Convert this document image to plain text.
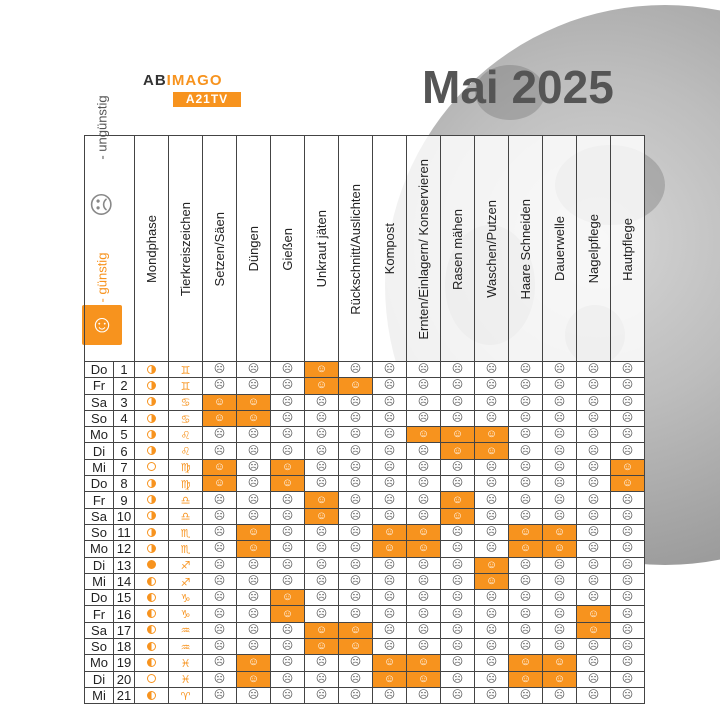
ABIMAGO
A21TV	Mai 2025
- ungünstig
☹
- günstig
☺
		Mondphase	Tierkreiszeichen	Setzen/Säen	Düngen	Gießen	Unkraut jäten	Rückschnitt/Auslichten	Kompost	Ernten/Einlagern/ Konservieren	Rasen mähen	Waschen/Putzen	Haare Schneiden	Dauerwelle	Nagelpflege	Hautpflege
Do	1		♊	☹	☹	☹	☺	☹	☹	☹	☹	☹	☹	☹	☹	☹
Fr	2		♊	☹	☹	☹	☺	☺	☹	☹	☹	☹	☹	☹	☹	☹
Sa	3		♋	☺	☺	☹	☹	☹	☹	☹	☹	☹	☹	☹	☹	☹
So	4		♋	☺	☺	☹	☹	☹	☹	☹	☹	☹	☹	☹	☹	☹
Mo	5		♌	☹	☹	☹	☹	☹	☹	☺	☺	☺	☹	☹	☹	☹
Di	6		♌	☹	☹	☹	☹	☹	☹	☹	☺	☺	☹	☹	☹	☹
Mi	7		♍	☺	☹	☺	☹	☹	☹	☹	☹	☹	☹	☹	☹	☺
Do	8		♍	☺	☹	☺	☹	☹	☹	☹	☹	☹	☹	☹	☹	☺
Fr	9		♎	☹	☹	☹	☺	☹	☹	☹	☺	☹	☹	☹	☹	☹
Sa	10		♎	☹	☹	☹	☺	☹	☹	☹	☺	☹	☹	☹	☹	☹
So	11		♏	☹	☺	☹	☹	☹	☺	☺	☹	☹	☺	☺	☹	☹
Mo	12		♏	☹	☺	☹	☹	☹	☺	☺	☹	☹	☺	☺	☹	☹
Di	13		♐	☹	☹	☹	☹	☹	☹	☹	☹	☺	☹	☹	☹	☹
Mi	14		♐	☹	☹	☹	☹	☹	☹	☹	☹	☺	☹	☹	☹	☹
Do	15		♑	☹	☹	☺	☹	☹	☹	☹	☹	☹	☹	☹	☹	☹
Fr	16		♑	☹	☹	☺	☹	☹	☹	☹	☹	☹	☹	☹	☺	☹
Sa	17		♒	☹	☹	☹	☺	☺	☹	☹	☹	☹	☹	☹	☺	☹
So	18		♒	☹	☹	☹	☺	☺	☹	☹	☹	☹	☹	☹	☹	☹
Mo	19		♓	☹	☺	☹	☹	☹	☺	☺	☹	☹	☺	☺	☹	☹
Di	20		♓	☹	☺	☹	☹	☹	☺	☺	☹	☹	☺	☺	☹	☹
Mi	21		♈	☹	☹	☹	☹	☹	☹	☹	☹	☹	☹	☹	☹	☹
